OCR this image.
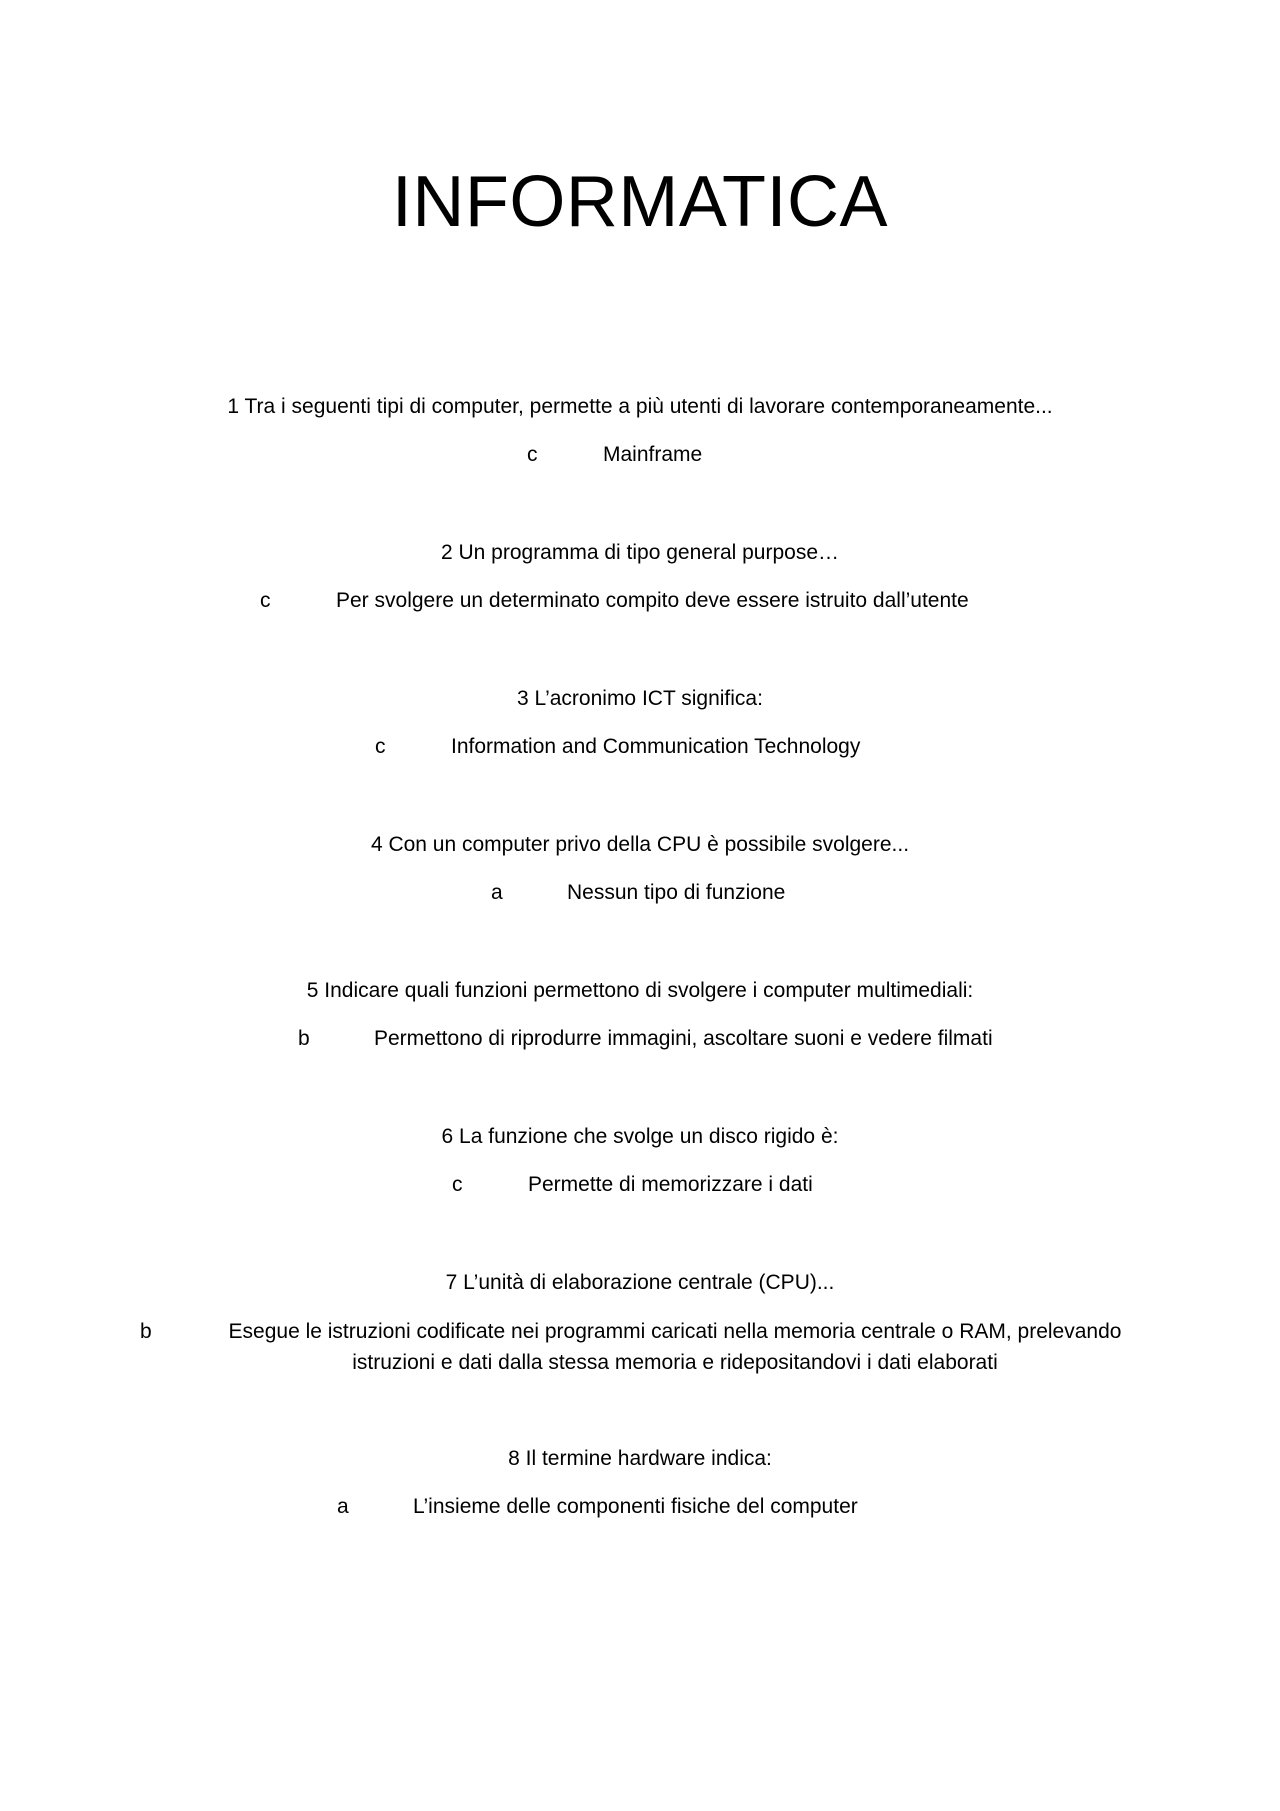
INFORMATICA
1 Tra i seguenti tipi di computer, permette a più utenti di lavorare contemporaneamente...
c	Mainframe
2 Un programma di tipo general purpose…
c	Per svolgere un determinato compito deve essere istruito dall’utente
3 L’acronimo ICT significa:
c	Information and Communication Technology
4 Con un computer privo della CPU è possibile svolgere...
a	Nessun tipo di funzione
5 Indicare quali funzioni permettono di svolgere i computer multimediali:
b	Permettono di riprodurre immagini, ascoltare suoni e vedere filmati
6 La funzione che svolge un disco rigido è:
c	Permette di memorizzare i dati
7 L’unità di elaborazione centrale (CPU)...
b	Esegue le istruzioni codificate nei programmi caricati nella memoria centrale o RAM, prelevando
istruzioni e dati dalla stessa memoria e ridepositandovi i dati elaborati
8 Il termine hardware indica:
a	L’insieme delle componenti fisiche del computer
